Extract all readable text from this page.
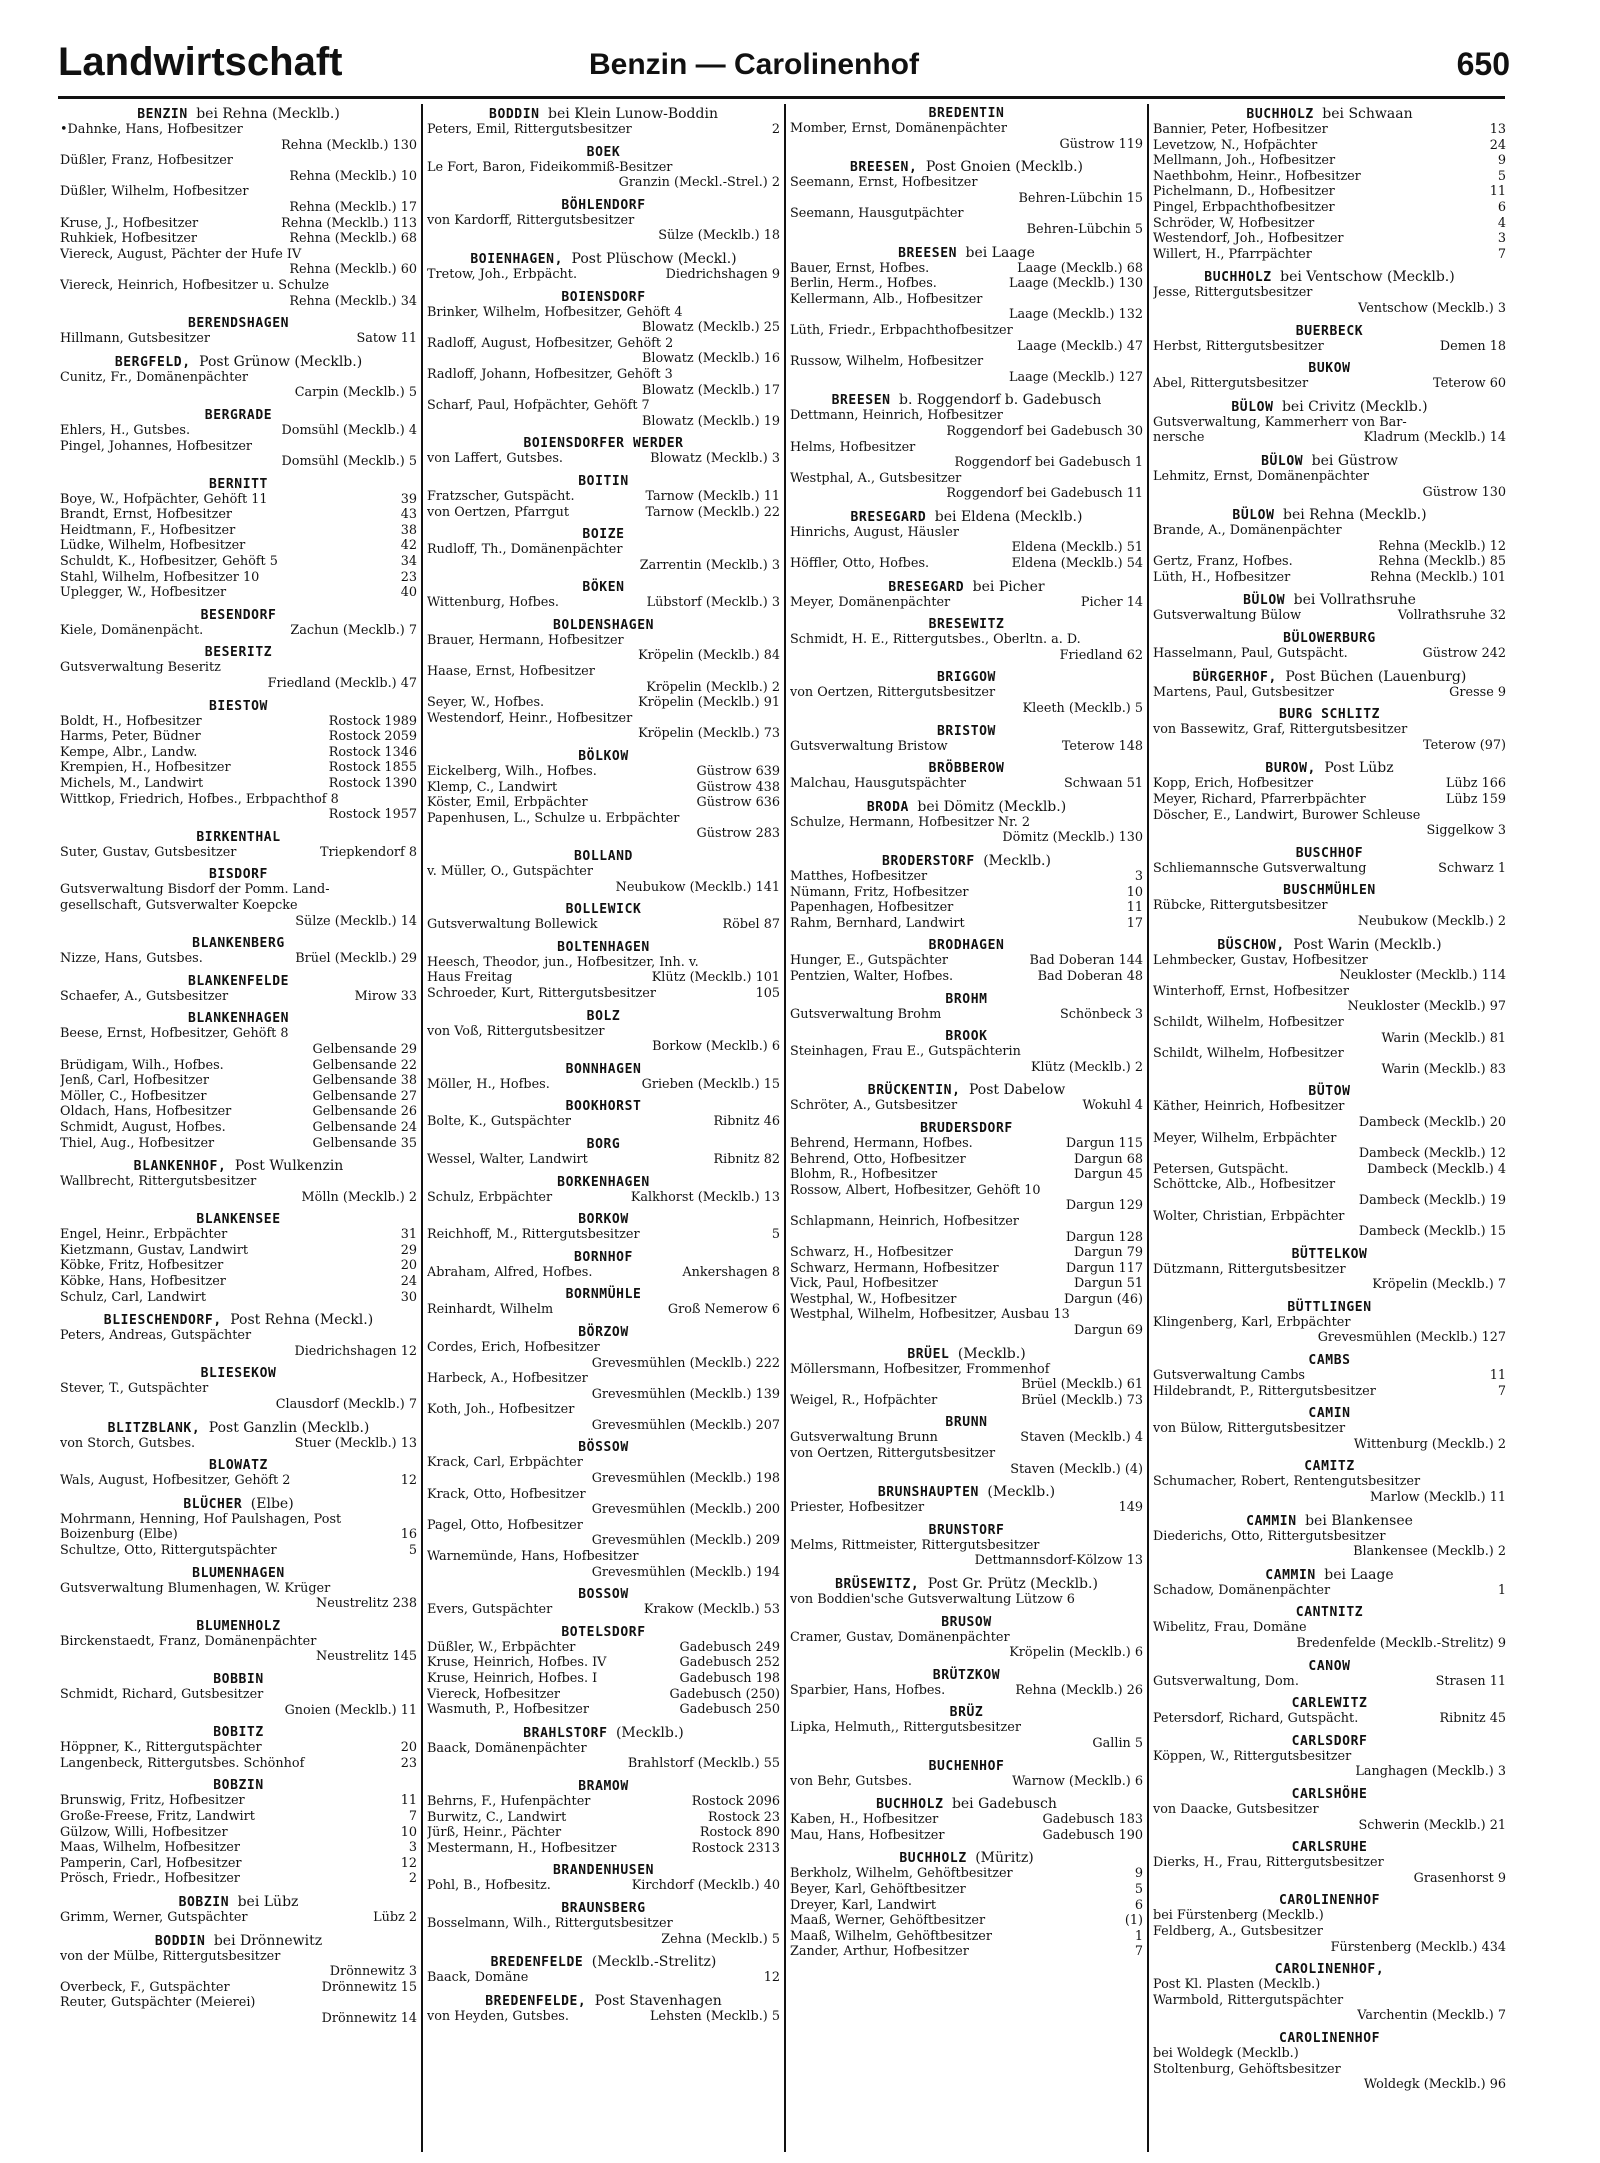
Landwirtschaft	Benzin — Carolinenhof	650
BENZIN bei Rehna (Mecklb.)
•Dahnke, Hans, Hofbesitzer
Rehna (Mecklb.) 130
Düßler, Franz, Hofbesitzer
Rehna (Mecklb.) 10
Düßler, Wilhelm, Hofbesitzer
Rehna (Mecklb.) 17
Kruse, J., Hofbesitzer	Rehna (Mecklb.) 113
Ruhkiek, Hofbesitzer	Rehna (Mecklb.) 68
Viereck, August, Pächter der Hufe IV
Rehna (Mecklb.) 60
Viereck, Heinrich, Hofbesitzer u. Schulze
Rehna (Mecklb.) 34
BERENDSHAGEN
Hillmann, Gutsbesitzer	Satow 11
BERGFELD, Post Grünow (Mecklb.)
Cunitz, Fr., Domänenpächter
Carpin (Mecklb.) 5
BERGRADE
Ehlers, H., Gutsbes.	Domsühl (Mecklb.) 4
Pingel, Johannes, Hofbesitzer
Domsühl (Mecklb.) 5
BERNITT
Boye, W., Hofpächter, Gehöft 11	39
Brandt, Ernst, Hofbesitzer	43
Heidtmann, F., Hofbesitzer	38
Lüdke, Wilhelm, Hofbesitzer	42
Schuldt, K., Hofbesitzer, Gehöft 5	34
Stahl, Wilhelm, Hofbesitzer 10	23
Uplegger, W., Hofbesitzer	40
BESENDORF
Kiele, Domänenpächt.	Zachun (Mecklb.) 7
BESERITZ
Gutsverwaltung Beseritz
Friedland (Mecklb.) 47
BIESTOW
Boldt, H., Hofbesitzer	Rostock 1989
Harms, Peter, Büdner	Rostock 2059
Kempe, Albr., Landw.	Rostock 1346
Krempien, H., Hofbesitzer	Rostock 1855
Michels, M., Landwirt	Rostock 1390
Wittkop, Friedrich, Hofbes., Erbpachthof 8
Rostock 1957
BIRKENTHAL
Suter, Gustav, Gutsbesitzer	Triepkendorf 8
BISDORF
Gutsverwaltung Bisdorf der Pomm. Land-
gesellschaft, Gutsverwalter Koepcke
Sülze (Mecklb.) 14
BLANKENBERG
Nizze, Hans, Gutsbes.	Brüel (Mecklb.) 29
BLANKENFELDE
Schaefer, A., Gutsbesitzer	Mirow 33
BLANKENHAGEN
Beese, Ernst, Hofbesitzer, Gehöft 8
Gelbensande 29
Brüdigam, Wilh., Hofbes.	Gelbensande 22
Jenß, Carl, Hofbesitzer	Gelbensande 38
Möller, C., Hofbesitzer	Gelbensande 27
Oldach, Hans, Hofbesitzer	Gelbensande 26
Schmidt, August, Hofbes.	Gelbensande 24
Thiel, Aug., Hofbesitzer	Gelbensande 35
BLANKENHOF, Post Wulkenzin
Wallbrecht, Rittergutsbesitzer
Mölln (Mecklb.) 2
BLANKENSEE
Engel, Heinr., Erbpächter	31
Kietzmann, Gustav, Landwirt	29
Köbke, Fritz, Hofbesitzer	20
Köbke, Hans, Hofbesitzer	24
Schulz, Carl, Landwirt	30
BLIESCHENDORF, Post Rehna (Meckl.)
Peters, Andreas, Gutspächter
Diedrichshagen 12
BLIESEKOW
Stever, T., Gutspächter
Clausdorf (Mecklb.) 7
BLITZBLANK, Post Ganzlin (Mecklb.)
von Storch, Gutsbes.	Stuer (Mecklb.) 13
BLOWATZ
Wals, August, Hofbesitzer, Gehöft 2	12
BLÜCHER (Elbe)
Mohrmann, Henning, Hof Paulshagen, Post
Boizenburg (Elbe)	16
Schultze, Otto, Rittergutspächter	5
BLUMENHAGEN
Gutsverwaltung Blumenhagen, W. Krüger
Neustrelitz 238
BLUMENHOLZ
Birckenstaedt, Franz, Domänenpächter
Neustrelitz 145
BOBBIN
Schmidt, Richard, Gutsbesitzer
Gnoien (Mecklb.) 11
BOBITZ
Höppner, K., Rittergutspächter	20
Langenbeck, Rittergutsbes. Schönhof	23
BOBZIN
Brunswig, Fritz, Hofbesitzer	11
Große-Freese, Fritz, Landwirt	7
Gülzow, Willi, Hofbesitzer	10
Maas, Wilhelm, Hofbesitzer	3
Pamperin, Carl, Hofbesitzer	12
Prösch, Friedr., Hofbesitzer	2
BOBZIN bei Lübz
Grimm, Werner, Gutspächter	Lübz 2
BODDIN bei Drönnewitz
von der Mülbe, Rittergutsbesitzer
Drönnewitz 3
Overbeck, F., Gutspächter	Drönnewitz 15
Reuter, Gutspächter (Meierei)
Drönnewitz 14
BODDIN bei Klein Lunow-Boddin
Peters, Emil, Rittergutsbesitzer	2
BOEK
Le Fort, Baron, Fideikommiß-Besitzer
Granzin (Meckl.-Strel.) 2
BÖHLENDORF
von Kardorff, Rittergutsbesitzer
Sülze (Mecklb.) 18
BOIENHAGEN, Post Plüschow (Meckl.)
Tretow, Joh., Erbpächt.	Diedrichshagen 9
BOIENSDORF
Brinker, Wilhelm, Hofbesitzer, Gehöft 4
Blowatz (Mecklb.) 25
Radloff, August, Hofbesitzer, Gehöft 2
Blowatz (Mecklb.) 16
Radloff, Johann, Hofbesitzer, Gehöft 3
Blowatz (Mecklb.) 17
Scharf, Paul, Hofpächter, Gehöft 7
Blowatz (Mecklb.) 19
BOIENSDORFER WERDER
von Laffert, Gutsbes.	Blowatz (Mecklb.) 3
BOITIN
Fratzscher, Gutspächt.	Tarnow (Mecklb.) 11
von Oertzen, Pfarrgut	Tarnow (Mecklb.) 22
BOIZE
Rudloff, Th., Domänenpächter
Zarrentin (Mecklb.) 3
BÖKEN
Wittenburg, Hofbes.	Lübstorf (Mecklb.) 3
BOLDENSHAGEN
Brauer, Hermann, Hofbesitzer
Kröpelin (Mecklb.) 84
Haase, Ernst, Hofbesitzer
Kröpelin (Mecklb.) 2
Seyer, W., Hofbes.	Kröpelin (Mecklb.) 91
Westendorf, Heinr., Hofbesitzer
Kröpelin (Mecklb.) 73
BÖLKOW
Eickelberg, Wilh., Hofbes.	Güstrow 639
Klemp, C., Landwirt	Güstrow 438
Köster, Emil, Erbpächter	Güstrow 636
Papenhusen, L., Schulze u. Erbpächter
Güstrow 283
BOLLAND
v. Müller, O., Gutspächter
Neubukow (Mecklb.) 141
BOLLEWICK
Gutsverwaltung Bollewick	Röbel 87
BOLTENHAGEN
Heesch, Theodor, jun., Hofbesitzer, Inh. v.
Haus Freitag	Klütz (Mecklb.) 101
Schroeder, Kurt, Rittergutsbesitzer	105
BOLZ
von Voß, Rittergutsbesitzer
Borkow (Mecklb.) 6
BONNHAGEN
Möller, H., Hofbes.	Grieben (Mecklb.) 15
BOOKHORST
Bolte, K., Gutspächter	Ribnitz 46
BORG
Wessel, Walter, Landwirt	Ribnitz 82
BORKENHAGEN
Schulz, Erbpächter	Kalkhorst (Mecklb.) 13
BORKOW
Reichhoff, M., Rittergutsbesitzer	5
BORNHOF
Abraham, Alfred, Hofbes.	Ankershagen 8
BORNMÜHLE
Reinhardt, Wilhelm	Groß Nemerow 6
BÖRZOW
Cordes, Erich, Hofbesitzer
Grevesmühlen (Mecklb.) 222
Harbeck, A., Hofbesitzer
Grevesmühlen (Mecklb.) 139
Koth, Joh., Hofbesitzer
Grevesmühlen (Mecklb.) 207
BÖSSOW
Krack, Carl, Erbpächter
Grevesmühlen (Mecklb.) 198
Krack, Otto, Hofbesitzer
Grevesmühlen (Mecklb.) 200
Pagel, Otto, Hofbesitzer
Grevesmühlen (Mecklb.) 209
Warnemünde, Hans, Hofbesitzer
Grevesmühlen (Mecklb.) 194
BOSSOW
Evers, Gutspächter	Krakow (Mecklb.) 53
BOTELSDORF
Düßler, W., Erbpächter	Gadebusch 249
Kruse, Heinrich, Hofbes. IV	Gadebusch 252
Kruse, Heinrich, Hofbes. I	Gadebusch 198
Viereck, Hofbesitzer	Gadebusch (250)
Wasmuth, P., Hofbesitzer	Gadebusch 250
BRAHLSTORF (Mecklb.)
Baack, Domänenpächter
Brahlstorf (Mecklb.) 55
BRAMOW
Behrns, F., Hufenpächter	Rostock 2096
Burwitz, C., Landwirt	Rostock 23
Jürß, Heinr., Pächter	Rostock 890
Mestermann, H., Hofbesitzer	Rostock 2313
BRANDENHUSEN
Pohl, B., Hofbesitz.	Kirchdorf (Mecklb.) 40
BRAUNSBERG
Bosselmann, Wilh., Rittergutsbesitzer
Zehna (Mecklb.) 5
BREDENFELDE (Mecklb.-Strelitz)
Baack, Domäne	12
BREDENFELDE, Post Stavenhagen
von Heyden, Gutsbes.	Lehsten (Mecklb.) 5
BREDENTIN
Momber, Ernst, Domänenpächter
Güstrow 119
BREESEN, Post Gnoien (Mecklb.)
Seemann, Ernst, Hofbesitzer
Behren-Lübchin 15
Seemann, Hausgutpächter
Behren-Lübchin 5
BREESEN bei Laage
Bauer, Ernst, Hofbes.	Laage (Mecklb.) 68
Berlin, Herm., Hofbes.	Laage (Mecklb.) 130
Kellermann, Alb., Hofbesitzer
Laage (Mecklb.) 132
Lüth, Friedr., Erbpachthofbesitzer
Laage (Mecklb.) 47
Russow, Wilhelm, Hofbesitzer
Laage (Mecklb.) 127
BREESEN b. Roggendorf b. Gadebusch
Dettmann, Heinrich, Hofbesitzer
Roggendorf bei Gadebusch 30
Helms, Hofbesitzer
Roggendorf bei Gadebusch 1
Westphal, A., Gutsbesitzer
Roggendorf bei Gadebusch 11
BRESEGARD bei Eldena (Mecklb.)
Hinrichs, August, Häusler
Eldena (Mecklb.) 51
Höffler, Otto, Hofbes.	Eldena (Mecklb.) 54
BRESEGARD bei Picher
Meyer, Domänenpächter	Picher 14
BRESEWITZ
Schmidt, H. E., Rittergutsbes., Oberltn. a. D.
Friedland 62
BRIGGOW
von Oertzen, Rittergutsbesitzer
Kleeth (Mecklb.) 5
BRISTOW
Gutsverwaltung Bristow	Teterow 148
BRÖBBEROW
Malchau, Hausgutspächter	Schwaan 51
BRODA bei Dömitz (Mecklb.)
Schulze, Hermann, Hofbesitzer Nr. 2
Dömitz (Mecklb.) 130
BRODERSTORF (Mecklb.)
Matthes, Hofbesitzer	3
Nümann, Fritz, Hofbesitzer	10
Papenhagen, Hofbesitzer	11
Rahm, Bernhard, Landwirt	17
BRODHAGEN
Hunger, E., Gutspächter	Bad Doberan 144
Pentzien, Walter, Hofbes.	Bad Doberan 48
BROHM
Gutsverwaltung Brohm	Schönbeck 3
BROOK
Steinhagen, Frau E., Gutspächterin
Klütz (Mecklb.) 2
BRÜCKENTIN, Post Dabelow
Schröter, A., Gutsbesitzer	Wokuhl 4
BRUDERSDORF
Behrend, Hermann, Hofbes.	Dargun 115
Behrend, Otto, Hofbesitzer	Dargun 68
Blohm, R., Hofbesitzer	Dargun 45
Rossow, Albert, Hofbesitzer, Gehöft 10
Dargun 129
Schlapmann, Heinrich, Hofbesitzer
Dargun 128
Schwarz, H., Hofbesitzer	Dargun 79
Schwarz, Hermann, Hofbesitzer	Dargun 117
Vick, Paul, Hofbesitzer	Dargun 51
Westphal, W., Hofbesitzer	Dargun (46)
Westphal, Wilhelm, Hofbesitzer, Ausbau 13
Dargun 69
BRÜEL (Mecklb.)
Möllersmann, Hofbesitzer, Frommenhof
Brüel (Mecklb.) 61
Weigel, R., Hofpächter	Brüel (Mecklb.) 73
BRUNN
Gutsverwaltung Brunn	Staven (Mecklb.) 4
von Oertzen, Rittergutsbesitzer
Staven (Mecklb.) (4)
BRUNSHAUPTEN (Mecklb.)
Priester, Hofbesitzer	149
BRUNSTORF
Melms, Rittmeister, Rittergutsbesitzer
Dettmannsdorf-Kölzow 13
BRÜSEWITZ, Post Gr. Prütz (Mecklb.)
von Boddien'sche Gutsverwaltung Lützow 6
BRUSOW
Cramer, Gustav, Domänenpächter
Kröpelin (Mecklb.) 6
BRÜTZKOW
Sparbier, Hans, Hofbes.	Rehna (Mecklb.) 26
BRÜZ
Lipka, Helmuth,, Rittergutsbesitzer
Gallin 5
BUCHENHOF
von Behr, Gutsbes.	Warnow (Mecklb.) 6
BUCHHOLZ bei Gadebusch
Kaben, H., Hofbesitzer	Gadebusch 183
Mau, Hans, Hofbesitzer	Gadebusch 190
BUCHHOLZ (Müritz)
Berkholz, Wilhelm, Gehöftbesitzer	9
Beyer, Karl, Gehöftbesitzer	5
Dreyer, Karl, Landwirt	6
Maaß, Werner, Gehöftbesitzer	(1)
Maaß, Wilhelm, Gehöftbesitzer	1
Zander, Arthur, Hofbesitzer	7
BUCHHOLZ bei Schwaan
Bannier, Peter, Hofbesitzer	13
Levetzow, N., Hofpächter	24
Mellmann, Joh., Hofbesitzer	9
Naethbohm, Heinr., Hofbesitzer	5
Pichelmann, D., Hofbesitzer	11
Pingel, Erbpachthofbesitzer	6
Schröder, W, Hofbesitzer	4
Westendorf, Joh., Hofbesitzer	3
Willert, H., Pfarrpächter	7
BUCHHOLZ bei Ventschow (Mecklb.)
Jesse, Rittergutsbesitzer
Ventschow (Mecklb.) 3
BUERBECK
Herbst, Rittergutsbesitzer	Demen 18
BUKOW
Abel, Rittergutsbesitzer	Teterow 60
BÜLOW bei Crivitz (Mecklb.)
Gutsverwaltung, Kammerherr von Bar-
nersche	Kladrum (Mecklb.) 14
BÜLOW bei Güstrow
Lehmitz, Ernst, Domänenpächter
Güstrow 130
BÜLOW bei Rehna (Mecklb.)
Brande, A., Domänenpächter
Rehna (Mecklb.) 12
Gertz, Franz, Hofbes.	Rehna (Mecklb.) 85
Lüth, H., Hofbesitzer	Rehna (Mecklb.) 101
BÜLOW bei Vollrathsruhe
Gutsverwaltung Bülow	Vollrathsruhe 32
BÜLOWERBURG
Hasselmann, Paul, Gutspächt.	Güstrow 242
BÜRGERHOF, Post Büchen (Lauenburg)
Martens, Paul, Gutsbesitzer	Gresse 9
BURG SCHLITZ
von Bassewitz, Graf, Rittergutsbesitzer
Teterow (97)
BUROW, Post Lübz
Kopp, Erich, Hofbesitzer	Lübz 166
Meyer, Richard, Pfarrerbpächter	Lübz 159
Döscher, E., Landwirt, Burower Schleuse
Siggelkow 3
BUSCHHOF
Schliemannsche Gutsverwaltung	Schwarz 1
BUSCHMÜHLEN
Rübcke, Rittergutsbesitzer
Neubukow (Mecklb.) 2
BÜSCHOW, Post Warin (Mecklb.)
Lehmbecker, Gustav, Hofbesitzer
Neukloster (Mecklb.) 114
Winterhoff, Ernst, Hofbesitzer
Neukloster (Mecklb.) 97
Schildt, Wilhelm, Hofbesitzer
Warin (Mecklb.) 81
Schildt, Wilhelm, Hofbesitzer
Warin (Mecklb.) 83
BÜTOW
Käther, Heinrich, Hofbesitzer
Dambeck (Mecklb.) 20
Meyer, Wilhelm, Erbpächter
Dambeck (Mecklb.) 12
Petersen, Gutspächt.	Dambeck (Mecklb.) 4
Schöttcke, Alb., Hofbesitzer
Dambeck (Mecklb.) 19
Wolter, Christian, Erbpächter
Dambeck (Mecklb.) 15
BÜTTELKOW
Dützmann, Rittergutsbesitzer
Kröpelin (Mecklb.) 7
BÜTTLINGEN
Klingenberg, Karl, Erbpächter
Grevesmühlen (Mecklb.) 127
CAMBS
Gutsverwaltung Cambs	11
Hildebrandt, P., Rittergutsbesitzer	7
CAMIN
von Bülow, Rittergutsbesitzer
Wittenburg (Mecklb.) 2
CAMITZ
Schumacher, Robert, Rentengutsbesitzer
Marlow (Mecklb.) 11
CAMMIN bei Blankensee
Diederichs, Otto, Rittergutsbesitzer
Blankensee (Mecklb.) 2
CAMMIN bei Laage
Schadow, Domänenpächter	1
CANTNITZ
Wibelitz, Frau, Domäne
Bredenfelde (Mecklb.-Strelitz) 9
CANOW
Gutsverwaltung, Dom.	Strasen 11
CARLEWITZ
Petersdorf, Richard, Gutspächt.	Ribnitz 45
CARLSDORF
Köppen, W., Rittergutsbesitzer
Langhagen (Mecklb.) 3
CARLSHÖHE
von Daacke, Gutsbesitzer
Schwerin (Mecklb.) 21
CARLSRUHE
Dierks, H., Frau, Rittergutsbesitzer
Grasenhorst 9
CAROLINENHOF
bei Fürstenberg (Mecklb.)
Feldberg, A., Gutsbesitzer
Fürstenberg (Mecklb.) 434
CAROLINENHOF,
Post Kl. Plasten (Mecklb.)
Warmbold, Rittergutspächter
Varchentin (Mecklb.) 7
CAROLINENHOF
bei Woldegk (Mecklb.)
Stoltenburg, Gehöftsbesitzer
Woldegk (Mecklb.) 96
